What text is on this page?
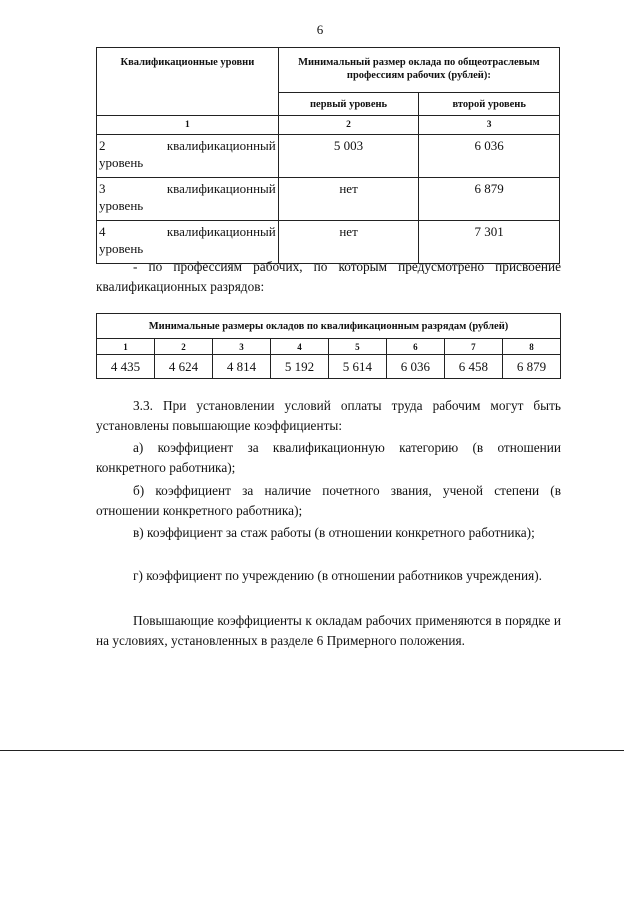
6
Квалификационные уровни	Минимальный размер оклада по общеотраслевым профессиям рабочих (рублей):	
	первый уровень	второй уровень
1	2	3

2 квалификационный
уровень	5 003	6 036

3 квалификационный
уровень	нет	6 879

4 квалификационный
уровень	нет	7 301
- по профессиям рабочих, по которым предусмотрено присвоение квалификационных разрядов:
Минимальные размеры окладов по квалификационным разрядам (рублей)							
1	2	3	4	5	6	7	8
4 435	4 624	4 814	5 192	5 614	6 036	6 458	6 879
3.3. При установлении условий оплаты труда рабочим могут быть установлены повышающие коэффициенты:
а) коэффициент за квалификационную категорию (в отношении конкретного работника);
б) коэффициент за наличие почетного звания, ученой степени (в отношении конкретного работника);
в) коэффициент за стаж работы (в отношении конкретного работника);
г) коэффициент по учреждению (в отношении работников учреждения).
Повышающие коэффициенты к окладам рабочих применяются в порядке и на условиях, установленных в разделе 6 Примерного положения.
